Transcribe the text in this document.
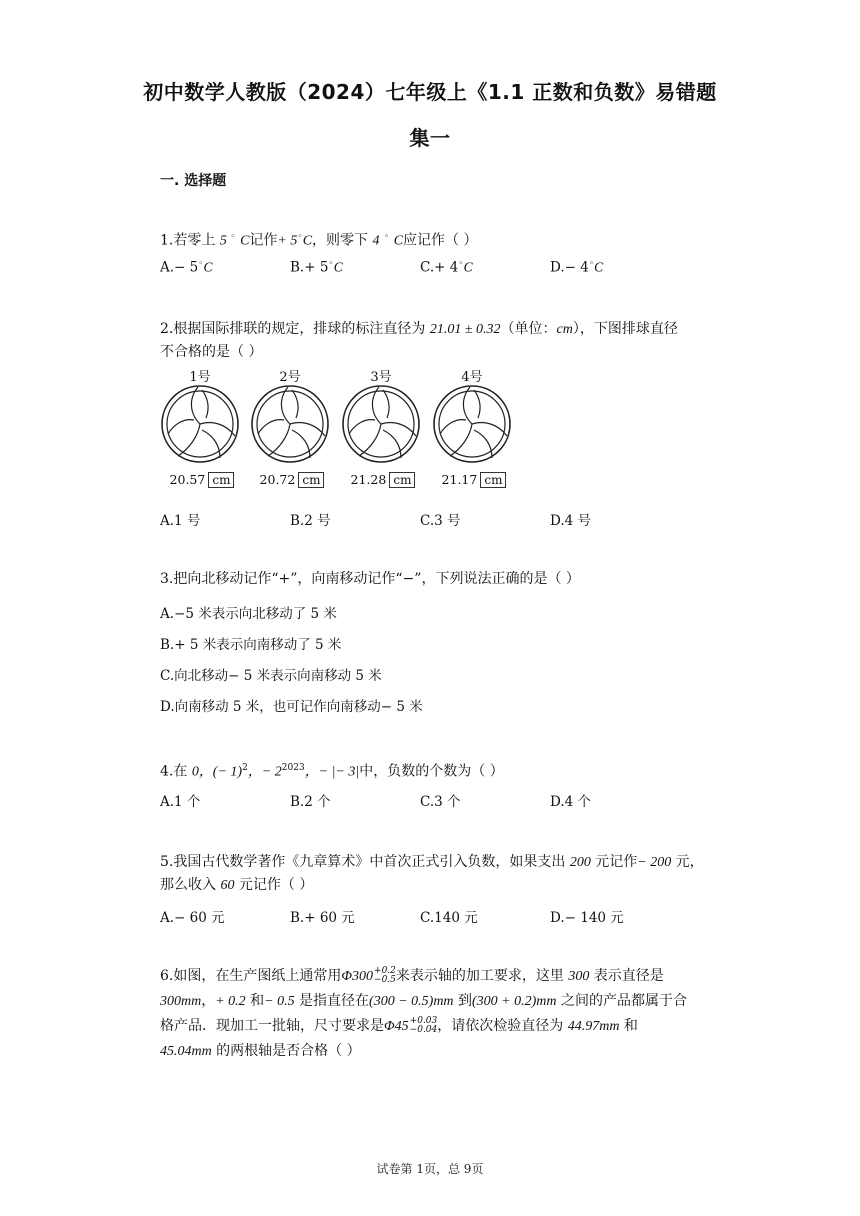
初中数学人教版（2024）七年级上《1.1 正数和负数》易错题
集一
一. 选择题
1.若零上 5 ◦ C记作+ 5◦C，则零下 4 ◦ C应记作（ ）
A.− 5◦C	B.+ 5◦C	C.+ 4◦C	D.− 4◦C
2.根据国际排联的规定，排球的标注直径为 21.01 ± 0.32（单位：cm），下图排球直径
不合格的是（ ）
1号
20.57 cm
2号
20.72 cm
3号
21.28 cm
4号
21.17 cm
A.1 号	B.2 号	C.3 号	D.4 号
3.把向北移动记作“+”，向南移动记作“−”，下列说法正确的是（ ）
A.−5 米表示向北移动了 5 米
B.+ 5 米表示向南移动了 5 米
C.向北移动− 5 米表示向南移动 5 米
D.向南移动 5 米，也可记作向南移动− 5 米
4.在 0，(− 1)$^2$，− $2^{2023}$，− |− 3|中，负数的个数为（ ）
A.1 个	B.2 个	C.3 个	D.4 个
5.我国古代数学著作《九章算术》中首次正式引入负数，如果支出 200 元记作− 200 元，
那么收入 60 元记作（ ）
A.− 60 元	B.+ 60 元	C.140 元	D.− 140 元
6.如图，在生产图纸上通常用Φ300+0.2
−0.5来表示轴的加工要求，这里 300 表示直径是
300mm，+ 0.2 和− 0.5 是指直径在(300 − 0.5)mm 到(300 + 0.2)mm 之间的产品都属于合
格产品．现加工一批轴，尺寸要求是Φ45+0.03
−0.04，请依次检验直径为 44.97mm 和
45.04mm 的两根轴是否合格（ ）
试卷第 1页，总 9页
